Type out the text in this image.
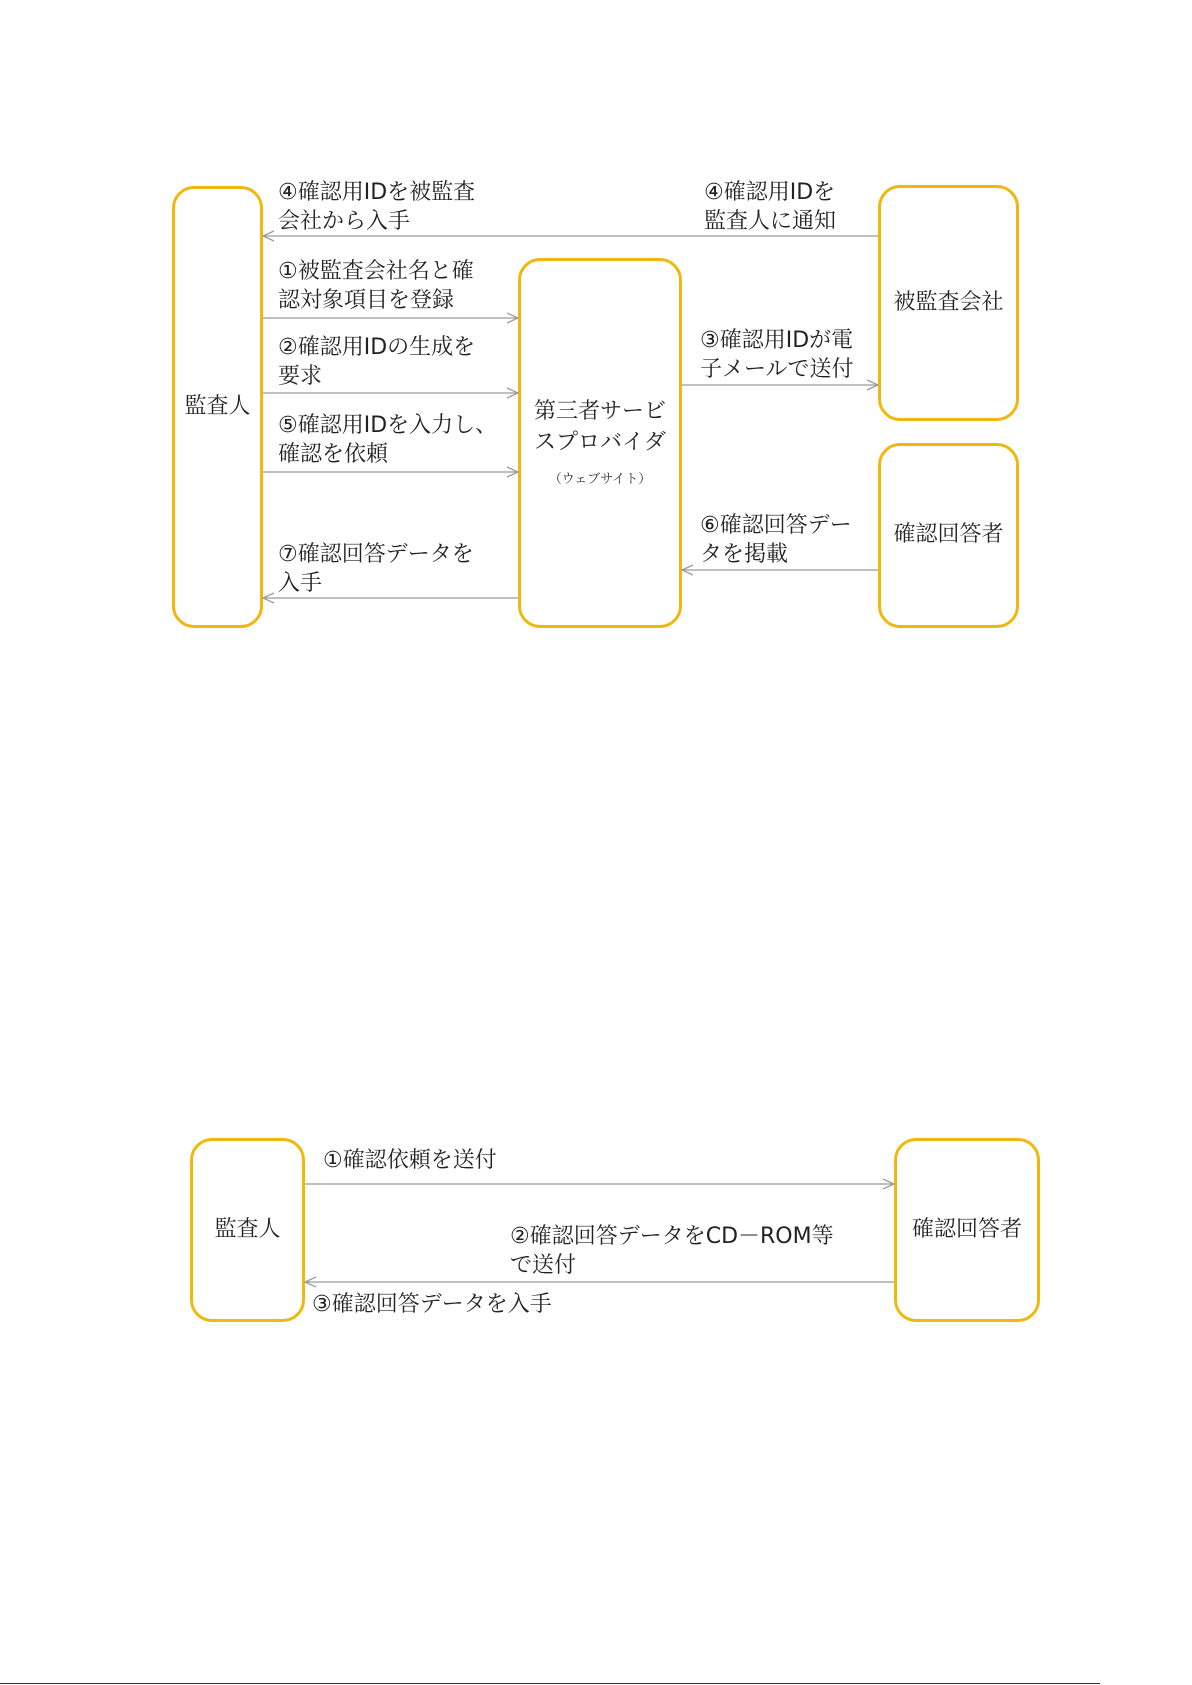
監査人	第三者サービ
スプロバイダ
（ウェブサイト）
被監査会社
確認回答者
④確認用IDを被監査
会社から入手
④確認用IDを
監査人に通知
①被監査会社名と確
認対象項目を登録
②確認用IDの生成を
要求
③確認用IDが電
子メールで送付
⑤確認用IDを入力し、
確認を依頼
⑥確認回答デー
タを掲載
⑦確認回答データを
入手
監査人	確認回答者
①確認依頼を送付
②確認回答データをCD－ROM等
で送付
③確認回答データを入手
